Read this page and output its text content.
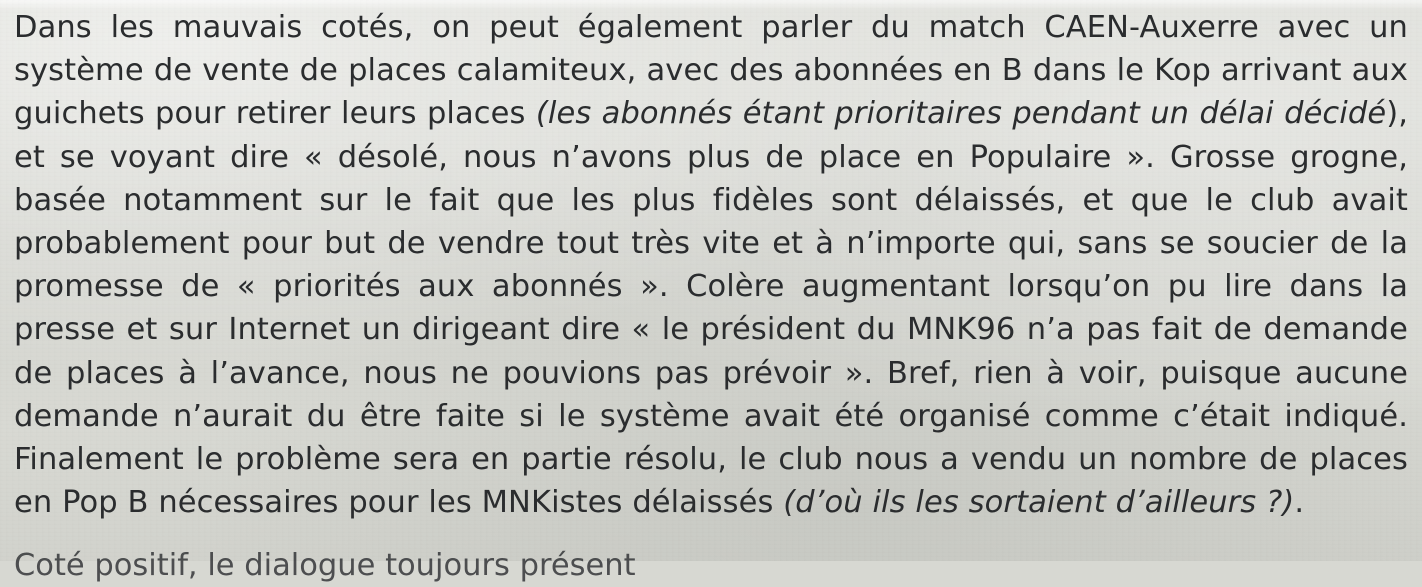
Dans les mauvais cotés, on peut également parler du match CAEN-Auxerre avec un système de vente de places calamiteux, avec des abonnées en B dans le Kop arrivant aux guichets pour retirer leurs places (les abonnés étant prioritaires pendant un délai décidé), et se voyant dire « désolé, nous n’avons plus de place en Populaire ». Grosse grogne, basée notamment sur le fait que les plus fidèles sont délaissés, et que le club avait probablement pour but de vendre tout très vite et à n’importe qui, sans se soucier de la promesse de « priorités aux abonnés ». Colère augmentant lorsqu’on pu lire dans la presse et sur Internet un dirigeant dire « le président du MNK96 n’a pas fait de demande de places à l’avance, nous ne pouvions pas prévoir ». Bref, rien à voir, puisque aucune demande n’aurait du être faite si le système avait été organisé comme c’était indiqué. Finalement le problème sera en partie résolu, le club nous a vendu un nombre de places en Pop B nécessaires pour les MNKistes délaissés (d’où ils les sortaient d’ailleurs ?).

Coté positif, le dialogue toujours présent
